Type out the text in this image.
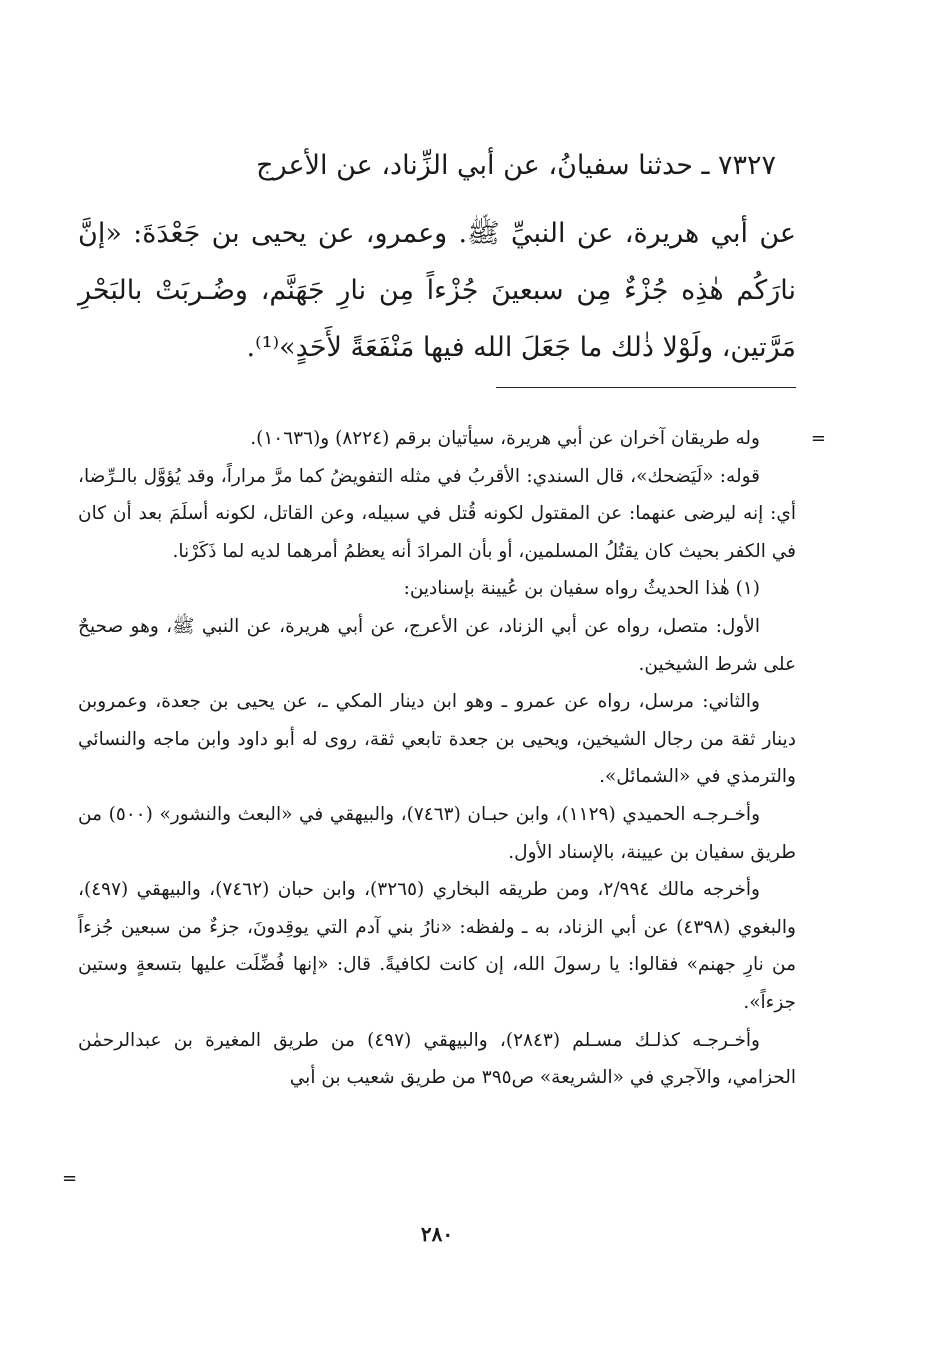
٧٣٢٧ ـ حدثنا سفيانُ، عن أبي الزِّناد، عن الأعرج
عن أبي هريرة، عن النبيِّ ﷺ. وعمرو، عن يحيى بن جَعْدَةَ: «إنَّ نارَكُم هٰذِه جُزْءٌ مِن سبعينَ جُزْءاً مِن نارِ جَهَنَّم، وضُـربَتْ بالبَحْرِ مَرَّتين، ولَوْلا ذٰلك ما جَعَلَ الله فيها مَنْفَعَةً لأَحَدٍ»⁽¹⁾.
=

وله طريقان آخران عن أبي هريرة، سيأتيان برقم (٨٢٢٤) و(١٠٦٣٦).

قوله: «لَيَضحك»، قال السندي: الأقربُ في مثله التفويضُ كما مرَّ مراراً، وقد يُؤوَّل بالـرِّضا، أي: إنه ليرضى عنهما: عن المقتول لكونه قُتل في سبيله، وعن القاتل، لكونه أسلَمَ بعد أن كان في الكفر بحيث كان يقتُلُ المسلمين، أو بأن المرادَ أنه يعظمُ أمرهما لديه لما ذَكَرْنا.

(١) هٰذا الحديثُ رواه سفيان بن عُيينة بإسنادين:

الأول: متصل، رواه عن أبي الزناد، عن الأعرج، عن أبي هريرة، عن النبي ﷺ، وهو صحيحٌ على شرط الشيخين.

والثاني: مرسل، رواه عن عمرو ـ وهو ابن دينار المكي ـ، عن يحيى بن جعدة، وعمروبن دينار ثقة من رجال الشيخين، ويحيى بن جعدة تابعي ثقة، روى له أبو داود وابن ماجه والنسائي والترمذي في «الشمائل».

وأخـرجـه الحميدي (١١٢٩)، وابن حبـان (٧٤٦٣)، والبيهقي في «البعث والنشور» (٥٠٠) من طريق سفيان بن عيينة، بالإسناد الأول.

وأخرجه مالك ٢/٩٩٤، ومن طريقه البخاري (٣٢٦٥)، وابن حبان (٧٤٦٢)، والبيهقي (٤٩٧)، والبغوي (٤٣٩٨) عن أبي الزناد، به ـ ولفظه: «نارُ بني آدم التي يوقِدونَ، جزءٌ من سبعين جُزءاً من نارِ جهنم» فقالوا: يا رسولَ الله، إن كانت لكافيةً. قال: «إنها فُضِّلَت عليها بتسعةٍ وستين جزءاً».

وأخـرجـه كذلـك مسـلم (٢٨٤٣)، والبيهقي (٤٩٧) من طريق المغيرة بن عبدالرحمٰن الحزامي، والآجري في «الشريعة» ص٣٩٥ من طريق شعيب بن أبي

=
٢٨٠
